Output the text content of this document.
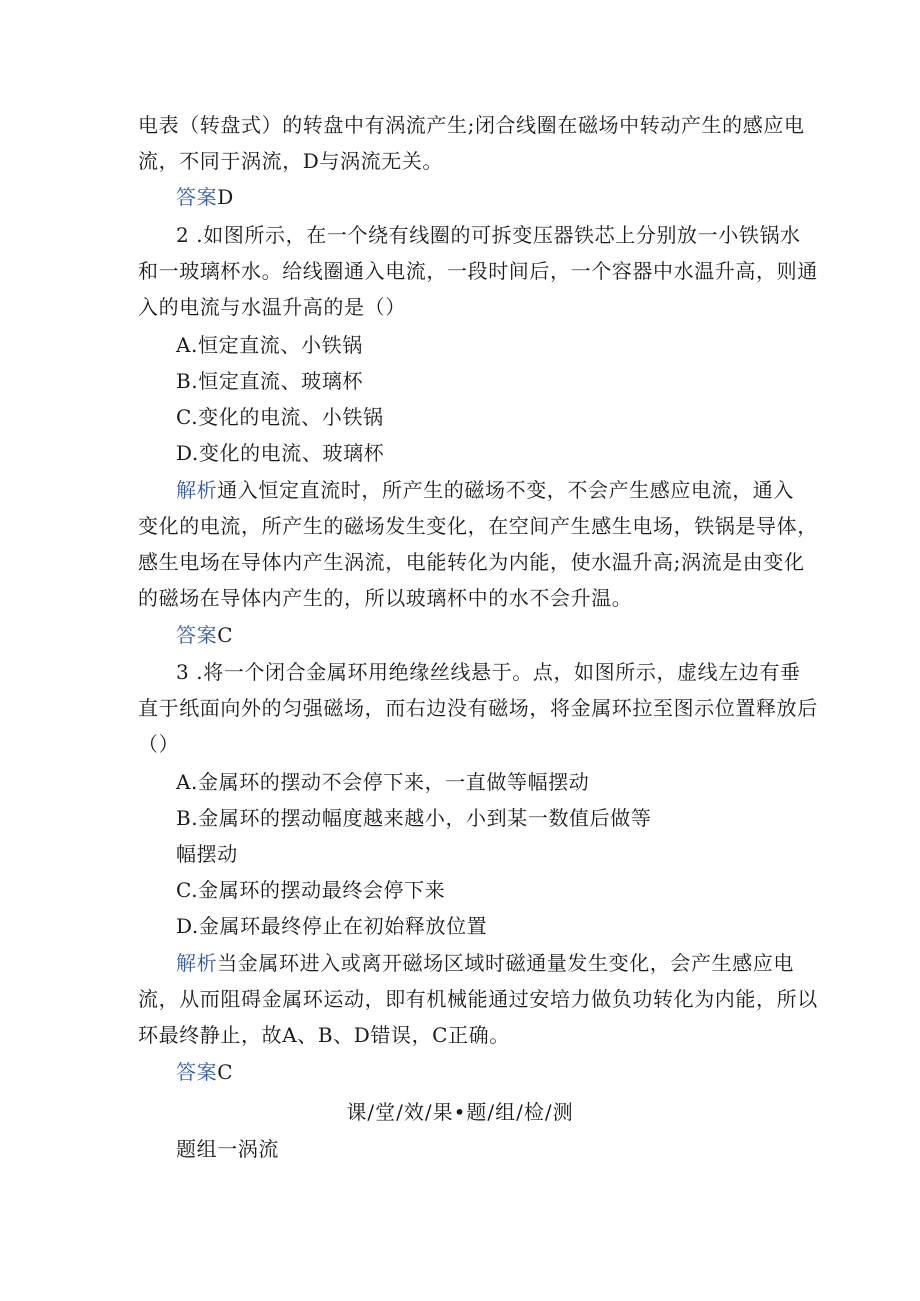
电表（转盘式）的转盘中有涡流产生;闭合线圈在磁场中转动产生的感应电
流，不同于涡流，D与涡流无关。
答案D
2 .如图所示，在一个绕有线圈的可拆变压器铁芯上分别放一小铁锅水
和一玻璃杯水。给线圈通入电流，一段时间后，一个容器中水温升高，则通
入的电流与水温升高的是（）
A.恒定直流、小铁锅
B.恒定直流、玻璃杯
C.变化的电流、小铁锅
D.变化的电流、玻璃杯
解析通入恒定直流时，所产生的磁场不变，不会产生感应电流，通入
变化的电流，所产生的磁场发生变化，在空间产生感生电场，铁锅是导体，
感生电场在导体内产生涡流，电能转化为内能，使水温升高;涡流是由变化
的磁场在导体内产生的，所以玻璃杯中的水不会升温。
答案C
3 .将一个闭合金属环用绝缘丝线悬于。点，如图所示，虚线左边有垂
直于纸面向外的匀强磁场，而右边没有磁场，将金属环拉至图示位置释放后
（）
A.金属环的摆动不会停下来，一直做等幅摆动
B.金属环的摆动幅度越来越小，小到某一数值后做等
幅摆动
C.金属环的摆动最终会停下来
D.金属环最终停止在初始释放位置
解析当金属环进入或离开磁场区域时磁通量发生变化，会产生感应电
流，从而阻碍金属环运动，即有机械能通过安培力做负功转化为内能，所以
环最终静止，故A、B、D错误，C正确。
答案C
课/堂/效/果•题/组/检/测
题组一涡流
